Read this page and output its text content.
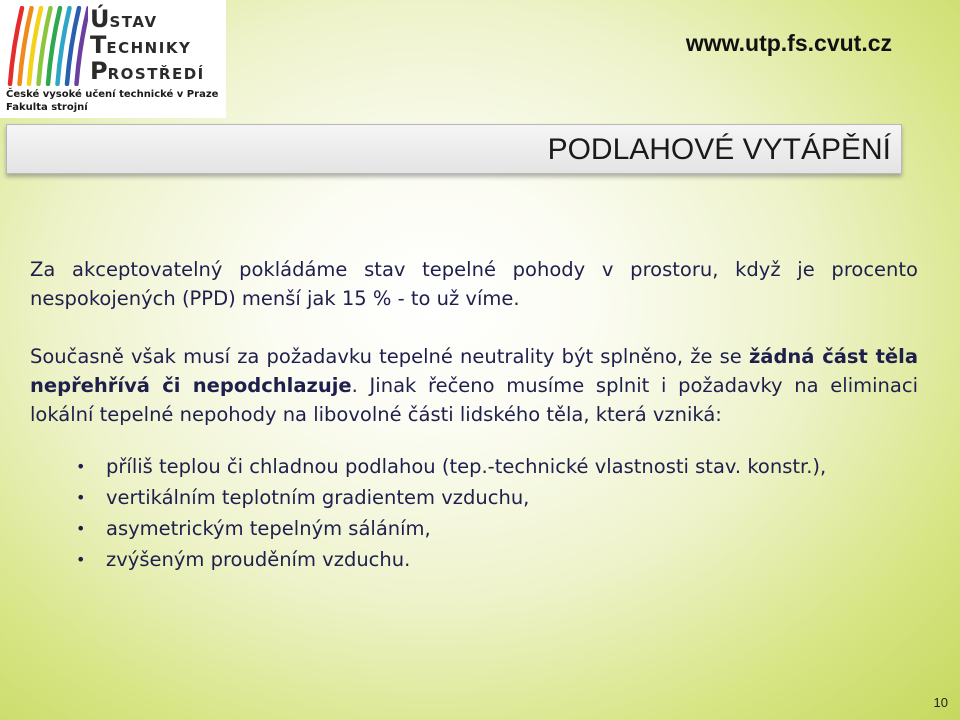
ÚSTAV
TECHNIKY
PROSTŘEDÍ
České vysoké učení technické v Praze
Fakulta strojní
www.utp.fs.cvut.cz
PODLAHOVÉ VYTÁPĚNÍ

Za akceptovatelný pokládáme stav tepelné pohody v prostoru, když je procento nespokojených (PPD) menší jak 15 % - to už víme.

Současně však musí za požadavku tepelné neutrality být splněno, že se žádná část těla nepřehřívá či nepodchlazuje. Jinak řečeno musíme splnit i požadavky na eliminaci lokální tepelné nepohody na libovolné části lidského těla, která vzniká:

• příliš teplou či chladnou podlahou (tep.-technické vlastnosti stav. konstr.),
• vertikálním teplotním gradientem vzduchu,
• asymetrickým tepelným sáláním,
• zvýšeným prouděním vzduchu.
10
